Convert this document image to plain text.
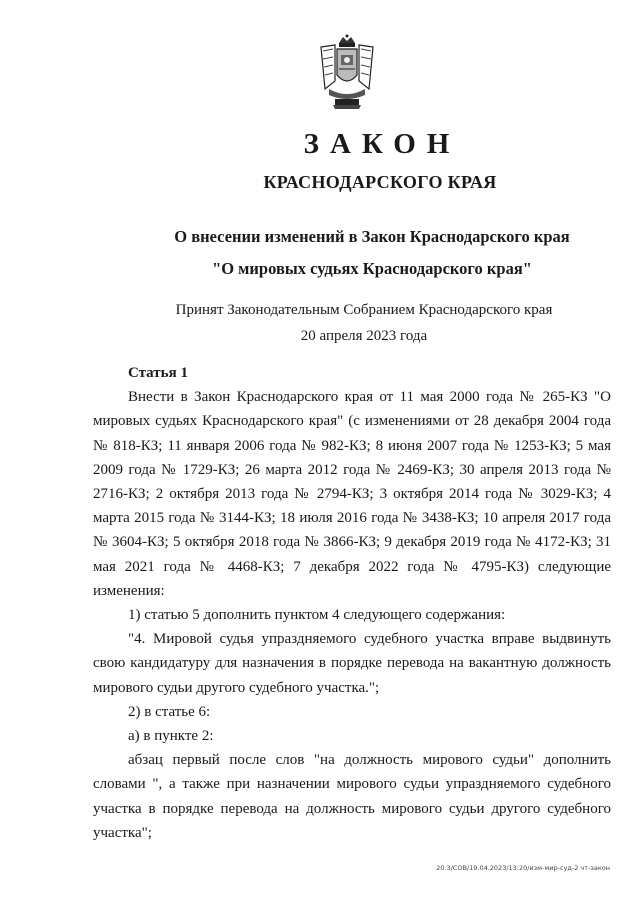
ЗАКОН
КРАСНОДАРСКОГО КРАЯ
О внесении изменений в Закон Краснодарского края
"О мировых судьях Краснодарского края"
Принят Законодательным Собранием Краснодарского края
20 апреля 2023 года
Статья 1
Внести в Закон Краснодарского края от 11 мая 2000 года № 265-КЗ "О мировых судьях Краснодарского края" (с изменениями от 28 декабря 2004 года № 818-КЗ; 11 января 2006 года № 982-КЗ; 8 июня 2007 года № 1253-КЗ; 5 мая 2009 года № 1729-КЗ; 26 марта 2012 года № 2469-КЗ; 30 апреля 2013 года № 2716-КЗ; 2 октября 2013 года № 2794-КЗ; 3 октября 2014 года № 3029-КЗ; 4 марта 2015 года № 3144-КЗ; 18 июля 2016 года № 3438-КЗ; 10 апреля 2017 года № 3604-КЗ; 5 октября 2018 года № 3866-КЗ; 9 декабря 2019 года № 4172-КЗ; 31 мая 2021 года № 4468-КЗ; 7 декабря 2022 года № 4795-КЗ) следующие изменения:
1) статью 5 дополнить пунктом 4 следующего содержания:
"4. Мировой судья упраздняемого судебного участка вправе выдвинуть свою кандидатуру для назначения в порядке перевода на вакантную должность мирового судьи другого судебного участка.";
2) в статье 6:
а) в пункте 2:
абзац первый после слов "на должность мирового судьи" дополнить словами ", а также при назначении мирового судьи упраздняемого судебного участка в порядке перевода на должность мирового судьи другого судебного участка";
20.3/СОВ/19.04.2023/13:20/изм-мир-суд-2 чт-закон
